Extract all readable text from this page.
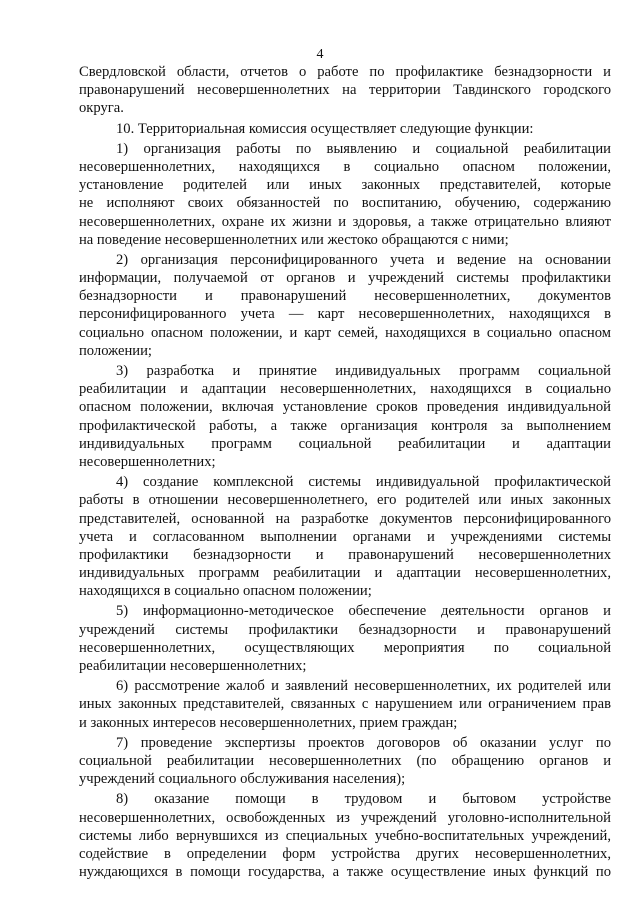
4
Свердловской области, отчетов о работе по профилактике безнадзорности и
правонарушений несовершеннолетних на территории Тавдинского городского
округа.
10. Территориальная комиссия осуществляет следующие функции:
1) организация работы по выявлению и социальной реабилитации
несовершеннолетних, находящихся в социально опасном положении,
установление родителей или иных законных представителей, которые
не исполняют своих обязанностей по воспитанию, обучению, содержанию
несовершеннолетних, охране их жизни и здоровья, а также отрицательно влияют
на поведение несовершеннолетних или жестоко обращаются с ними;
2) организация персонифицированного учета и ведение на основании
информации, получаемой от органов и учреждений системы профилактики
безнадзорности и правонарушений несовершеннолетних, документов
персонифицированного учета — карт несовершеннолетних, находящихся в
социально опасном положении, и карт семей, находящихся в социально опасном
положении;
3) разработка и принятие индивидуальных программ социальной
реабилитации и адаптации несовершеннолетних, находящихся в социально
опасном положении, включая установление сроков проведения индивидуальной
профилактической работы, а также организация контроля за выполнением
индивидуальных программ социальной реабилитации и адаптации
несовершеннолетних;
4) создание комплексной системы индивидуальной профилактической
работы в отношении несовершеннолетнего, его родителей или иных законных
представителей, основанной на разработке документов персонифицированного
учета и согласованном выполнении органами и учреждениями системы
профилактики безнадзорности и правонарушений несовершеннолетних
индивидуальных программ реабилитации и адаптации несовершеннолетних,
находящихся в социально опасном положении;
5) информационно-методическое обеспечение деятельности органов и
учреждений системы профилактики безнадзорности и правонарушений
несовершеннолетних, осуществляющих мероприятия по социальной
реабилитации несовершеннолетних;
6) рассмотрение жалоб и заявлений несовершеннолетних, их родителей или
иных законных представителей, связанных с нарушением или ограничением прав
и законных интересов несовершеннолетних, прием граждан;
7) проведение экспертизы проектов договоров об оказании услуг по
социальной реабилитации несовершеннолетних (по обращению органов и
учреждений социального обслуживания населения);
8) оказание помощи в трудовом и бытовом устройстве
несовершеннолетних, освобожденных из учреждений уголовно-исполнительной
системы либо вернувшихся из специальных учебно-воспитательных учреждений,
содействие в определении форм устройства других несовершеннолетних,
нуждающихся в помощи государства, а также осуществление иных функций по
